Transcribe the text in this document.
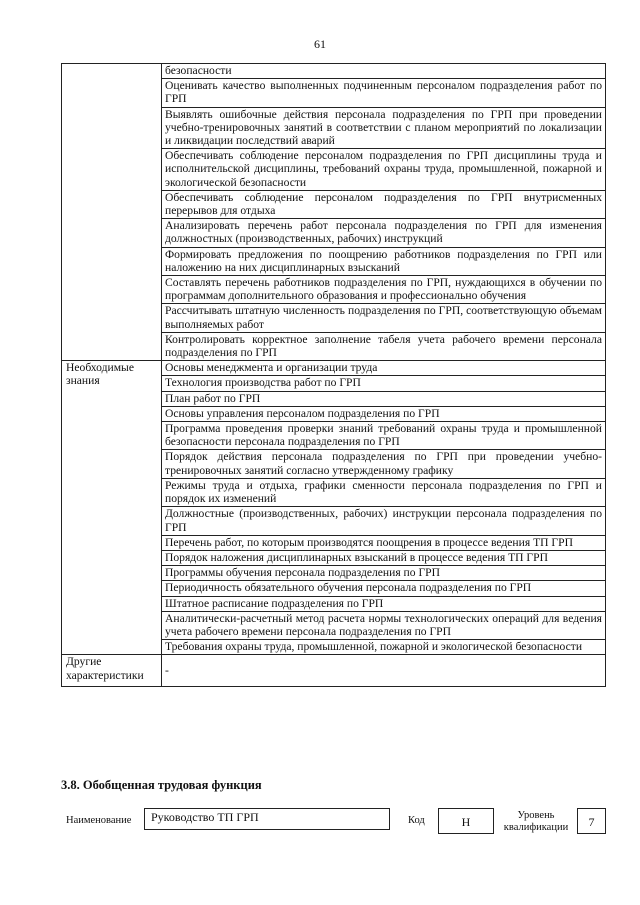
61
	безопасности
	Оценивать качество выполненных подчиненным персоналом подразделения работ по ГРП
	Выявлять ошибочные действия персонала подразделения по ГРП при проведении учебно-тренировочных занятий в соответствии с планом мероприятий по локализации и ликвидации последствий аварий
	Обеспечивать соблюдение персоналом подразделения по ГРП дисциплины труда и исполнительской дисциплины, требований охраны труда, промышленной, пожарной и экологической безопасности
	Обеспечивать соблюдение персоналом подразделения по ГРП внутрисменных перерывов для отдыха
	Анализировать перечень работ персонала подразделения по ГРП для изменения должностных (производственных, рабочих) инструкций
	Формировать предложения по поощрению работников подразделения по ГРП или наложению на них дисциплинарных взысканий
	Составлять перечень работников подразделения по ГРП, нуждающихся в обучении по программам дополнительного образования и профессионально обучения
	Рассчитывать штатную численность подразделения по ГРП, соответствующую объемам выполняемых работ
	Контролировать корректное заполнение табеля учета рабочего времени персонала подразделения по ГРП
Необходимые знания	Основы менеджмента и организации труда
	Технология производства работ по ГРП
	План работ по ГРП
	Основы управления персоналом подразделения по ГРП
	Программа проведения проверки знаний требований охраны труда и промышленной безопасности персонала подразделения по ГРП
	Порядок действия персонала подразделения по ГРП при проведении учебно-тренировочных занятий согласно утвержденному графику
	Режимы труда и отдыха, графики сменности персонала подразделения по ГРП и порядок их изменений
	Должностные (производственных, рабочих) инструкции персонала подразделения по ГРП
	Перечень работ, по которым производятся поощрения в процессе ведения ТП ГРП
	Порядок наложения дисциплинарных взысканий в процессе ведения ТП ГРП
	Программы обучения персонала подразделения по ГРП
	Периодичность обязательного обучения персонала подразделения по ГРП
	Штатное расписание подразделения по ГРП
	Аналитически-расчетный метод расчета нормы технологических операций для ведения учета рабочего времени персонала подразделения по ГРП
	Требования охраны труда, промышленной, пожарной и экологической безопасности
Другие характеристики	-
3.8. Обобщенная трудовая функция
Наименование	Руководство ТП ГРП	Код	H	Уровень квалификации	7
